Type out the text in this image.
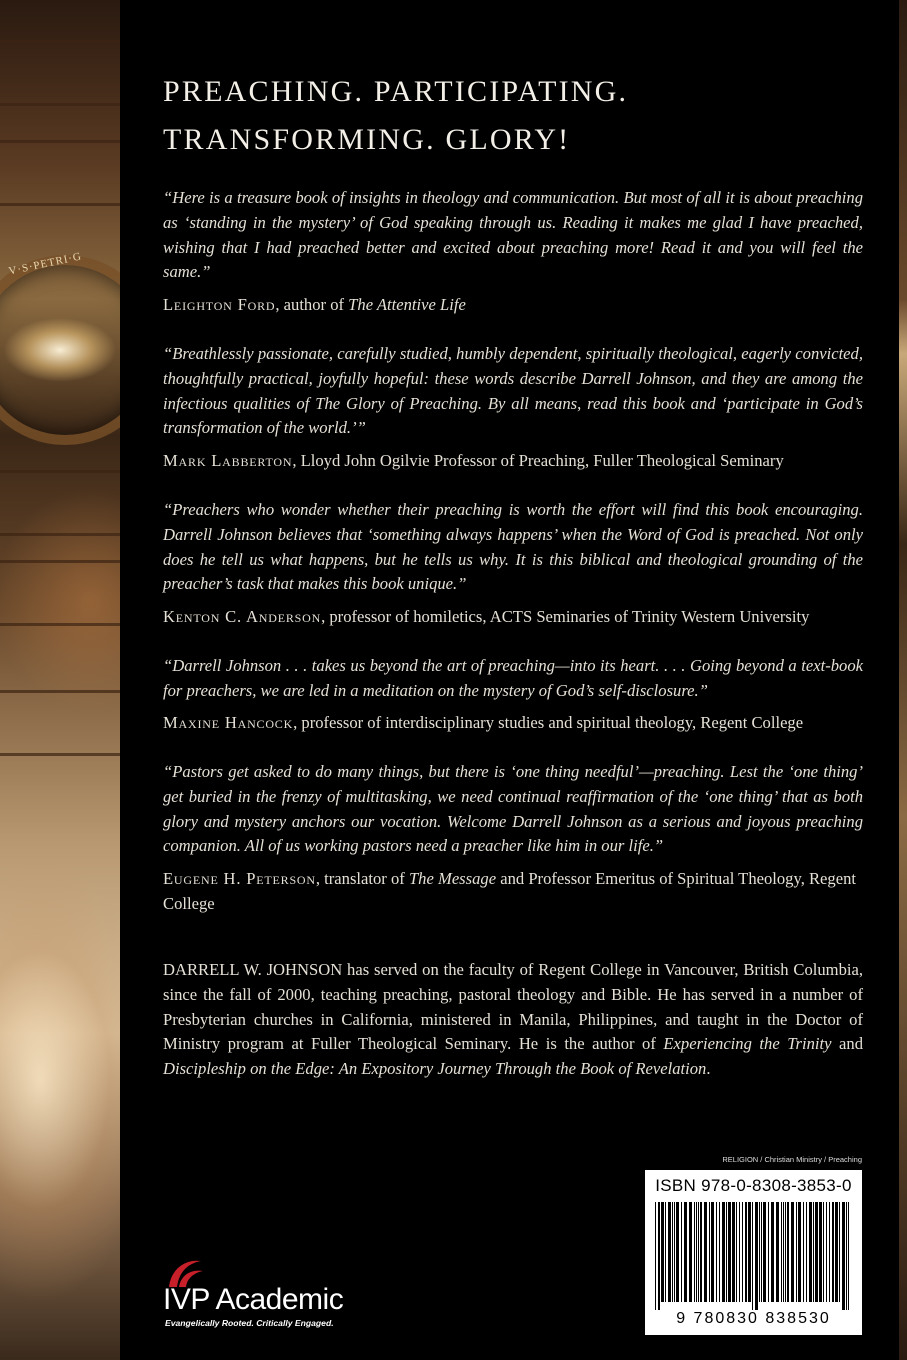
V·S·PETRI·G
PREACHING. PARTICIPATING.
TRANSFORMING. GLORY!

“Here is a treasure book of insights in theology and communication. But most of all it is about preaching as ‘standing in the mystery’ of God speaking through us. Reading it makes me glad I have preached, wishing that I had preached better and excited about preaching more! Read it and you will feel the same.”

Leighton Ford, author of The Attentive Life

“Breathlessly passionate, carefully studied, humbly dependent, spiritually theological, eagerly convicted, thoughtfully practical, joyfully hopeful: these words describe Darrell Johnson, and they are among the infectious qualities of The Glory of Preaching. By all means, read this book and ‘participate in God’s transformation of the world.’”

Mark Labberton, Lloyd John Ogilvie Professor of Preaching, Fuller Theological Seminary

“Preachers who wonder whether their preaching is worth the effort will find this book encouraging. Darrell Johnson believes that ‘something always happens’ when the Word of God is preached. Not only does he tell us what happens, but he tells us why. It is this biblical and theological grounding of the preacher’s task that makes this book unique.”

Kenton C. Anderson, professor of homiletics, ACTS Seminaries of Trinity Western University

“Darrell Johnson . . . takes us beyond the art of preaching—into its heart. . . . Going beyond a text-book for preachers, we are led in a meditation on the mystery of God’s self-disclosure.”

Maxine Hancock, professor of interdisciplinary studies and spiritual theology, Regent College

“Pastors get asked to do many things, but there is ‘one thing needful’—preaching. Lest the ‘one thing’ get buried in the frenzy of multitasking, we need continual reaffirmation of the ‘one thing’ that as both glory and mystery anchors our vocation. Welcome Darrell Johnson as a serious and joyous preaching companion. All of us working pastors need a preacher like him in our life.”

Eugene H. Peterson, translator of The Message and Professor Emeritus of Spiritual Theology, Regent College

DARRELL W. JOHNSON has served on the faculty of Regent College in Vancouver, British Columbia, since the fall of 2000, teaching preaching, pastoral theology and Bible. He has served in a number of Presbyterian churches in California, ministered in Manila, Philippines, and taught in the Doctor of Ministry program at Fuller Theological Seminary. He is the author of Experiencing the Trinity and Discipleship on the Edge: An Expository Journey Through the Book of Revelation.

RELIGION / Christian Ministry / Preaching
ISBN 978-0-8308-3853-0
9 780830 838530
IVP Academic
Evangelically Rooted. Critically Engaged.
